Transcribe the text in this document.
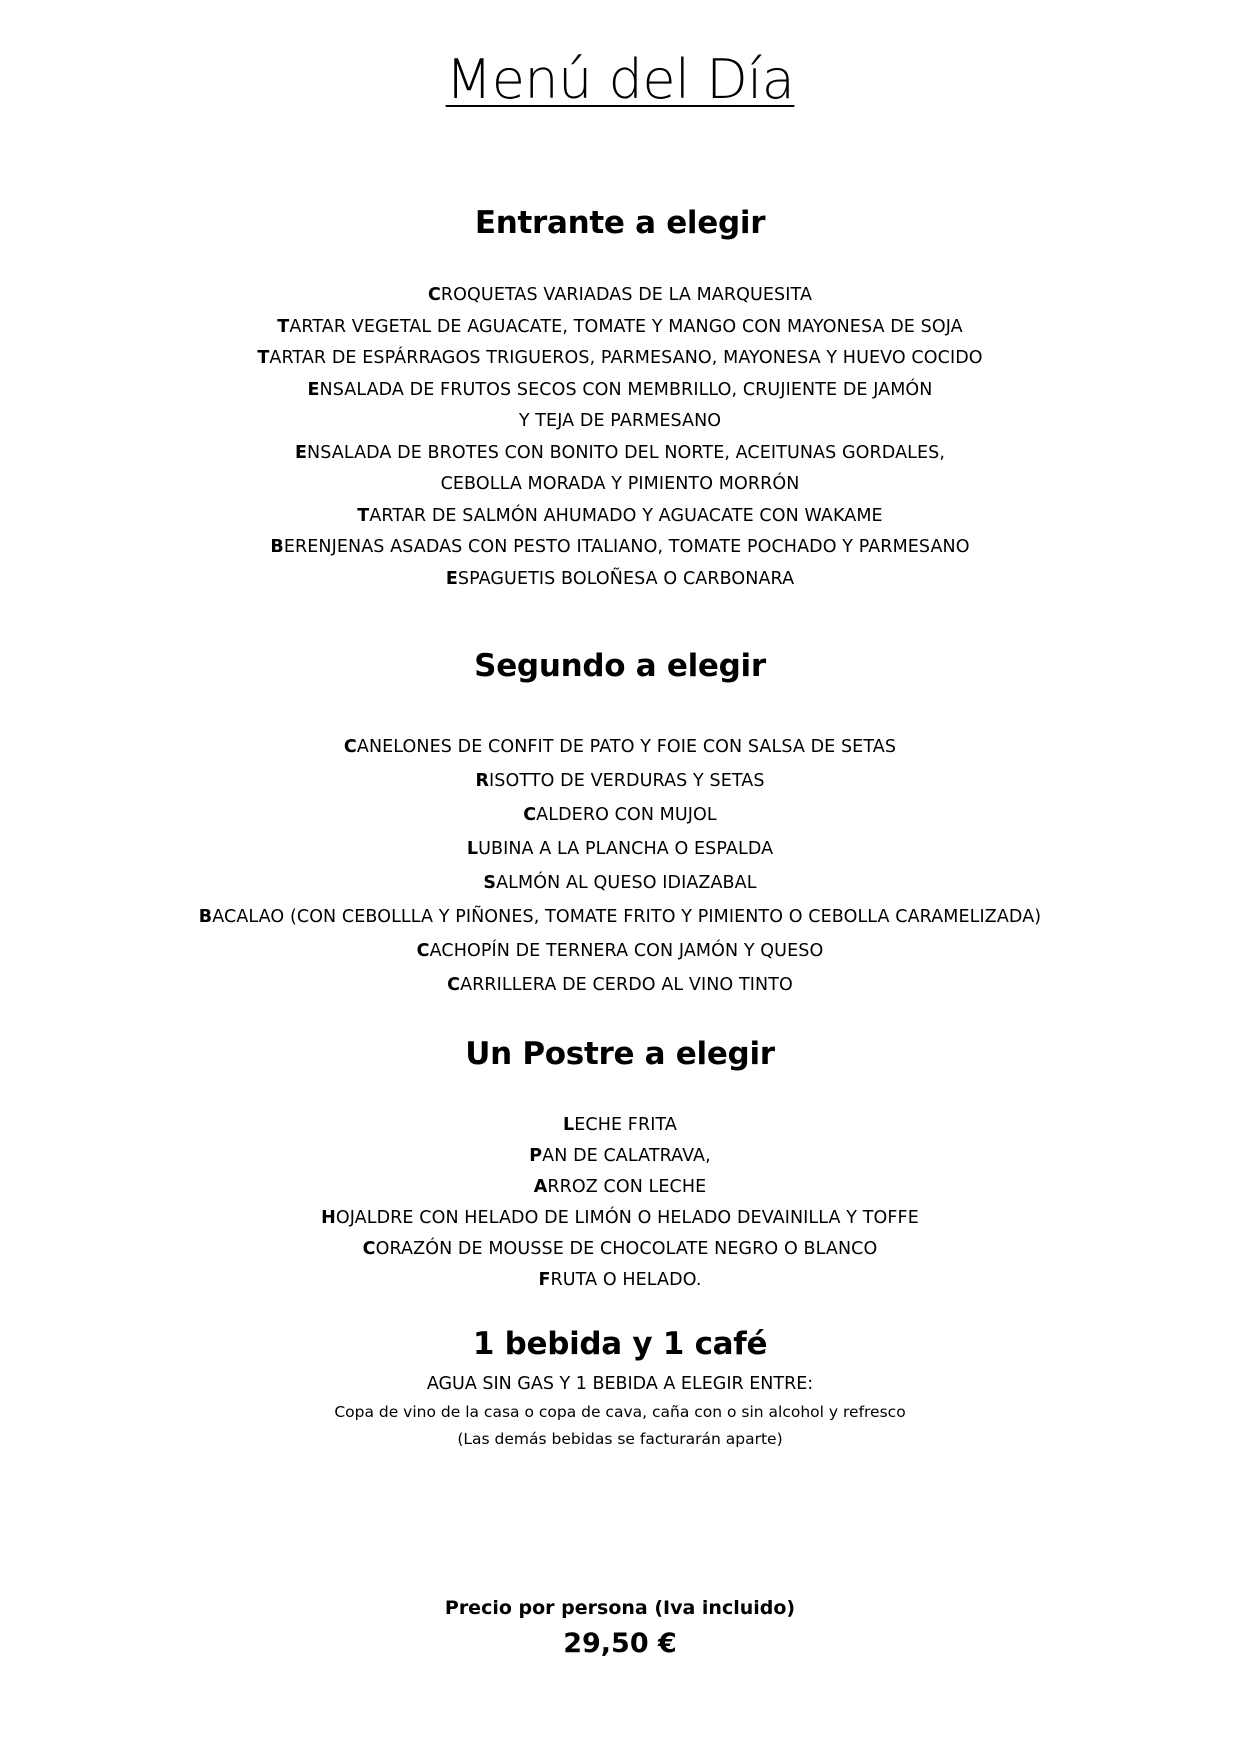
Menú del Día
Entrante a elegir
CROQUETAS VARIADAS DE LA MARQUESITA
TARTAR VEGETAL DE AGUACATE, TOMATE Y MANGO CON MAYONESA DE SOJA
TARTAR DE ESPÁRRAGOS TRIGUEROS, PARMESANO, MAYONESA Y HUEVO COCIDO
ENSALADA DE FRUTOS SECOS CON MEMBRILLO, CRUJIENTE DE JAMÓN
Y TEJA DE PARMESANO
ENSALADA DE BROTES CON BONITO DEL NORTE, ACEITUNAS GORDALES,
CEBOLLA MORADA Y PIMIENTO MORRÓN
TARTAR DE SALMÓN AHUMADO Y AGUACATE CON WAKAME
BERENJENAS ASADAS CON PESTO ITALIANO, TOMATE POCHADO Y PARMESANO
ESPAGUETIS BOLOÑESA O CARBONARA
Segundo a elegir
CANELONES DE CONFIT DE PATO Y FOIE CON SALSA DE SETAS
RISOTTO DE VERDURAS Y SETAS
CALDERO CON MUJOL
LUBINA A LA PLANCHA O ESPALDA
SALMÓN AL QUESO IDIAZABAL
BACALAO (CON CEBOLLLA Y PIÑONES, TOMATE FRITO Y PIMIENTO O CEBOLLA CARAMELIZADA)
CACHOPÍN DE TERNERA CON JAMÓN Y QUESO
CARRILLERA DE CERDO AL VINO TINTO
Un Postre a elegir
LECHE FRITA
PAN DE CALATRAVA,
ARROZ CON LECHE
HOJALDRE CON HELADO DE LIMÓN O HELADO DEVAINILLA Y TOFFE
CORAZÓN DE MOUSSE DE CHOCOLATE NEGRO O BLANCO
FRUTA O HELADO.
1 bebida y 1 café

AGUA SIN GAS Y 1 BEBIDA A ELEGIR ENTRE:

Copa de vino de la casa o copa de cava, caña con o sin alcohol y refresco

(Las demás bebidas se facturarán aparte)

Precio por persona (Iva incluido)

29,50 €
